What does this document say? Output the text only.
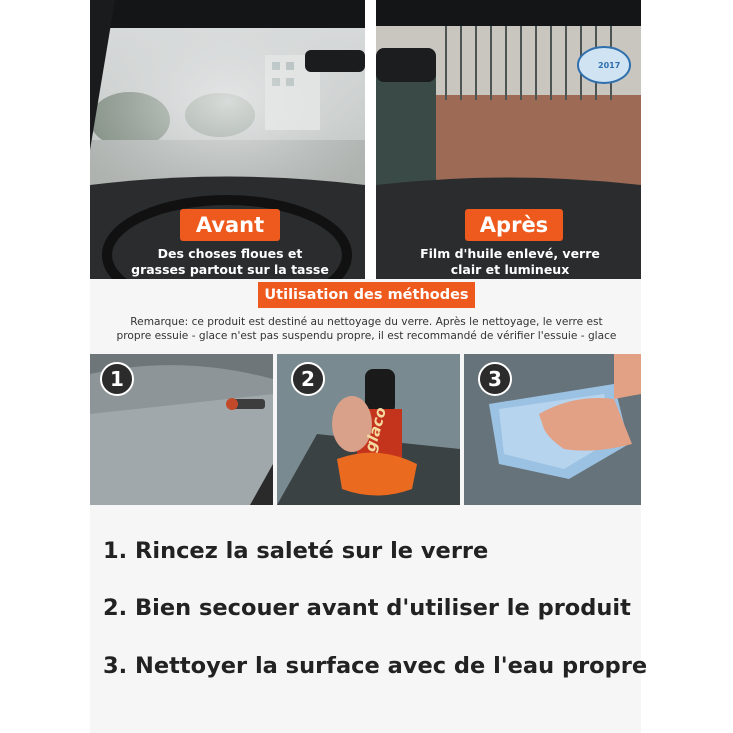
2017
Avant
Des choses floues et
grasses partout sur la tasse
Après
Film d'huile enlevé, verre
clair et lumineux
Utilisation des méthodes
Remarque: ce produit est destiné au nettoyage du verre. Après le nettoyage, le verre est
propre essuie - glace n'est pas suspendu propre, il est recommandé de vérifier l'essuie - glace
1
glaco
2	3
1. Rincez la saleté sur le verre
2. Bien secouer avant d'utiliser le produit
3. Nettoyer la surface avec de l'eau propre
